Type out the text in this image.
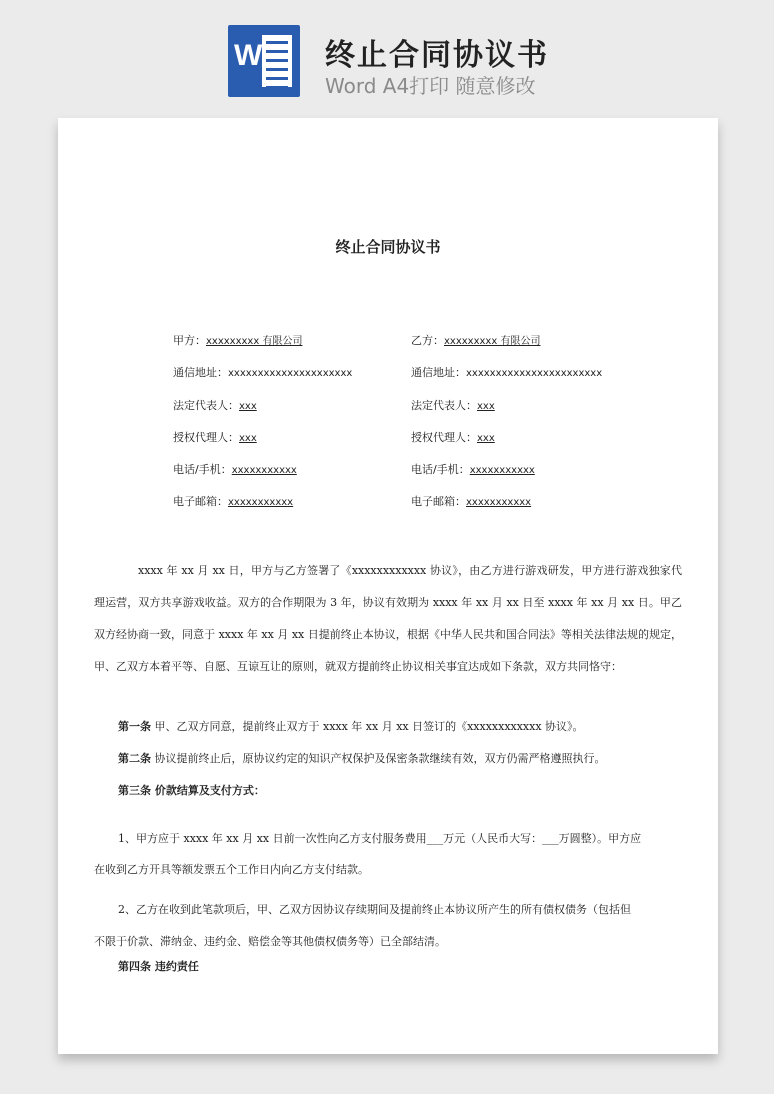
W 终止合同协议书
Word A4打印 随意修改
终止合同协议书
甲方：xxxxxxxxx 有限公司
通信地址：xxxxxxxxxxxxxxxxxxxxx
法定代表人：xxx
授权代理人：xxx
电话/手机：xxxxxxxxxxx
电子邮箱：xxxxxxxxxxx
乙方：xxxxxxxxx 有限公司
通信地址：xxxxxxxxxxxxxxxxxxxxxxx
法定代表人：xxx
授权代理人：xxx
电话/手机：xxxxxxxxxxx
电子邮箱：xxxxxxxxxxx
xxxx 年 xx 月 xx 日，甲方与乙方签署了《xxxxxxxxxxxx 协议》，由乙方进行游戏研发，甲方进行游戏独家代理运营，双方共享游戏收益。双方的合作期限为 3 年，协议有效期为 xxxx 年 xx 月 xx 日至 xxxx 年 xx 月 xx 日。甲乙双方经协商一致，同意于 xxxx 年 xx 月 xx 日提前终止本协议，根据《中华人民共和国合同法》等相关法律法规的规定，甲、乙双方本着平等、自愿、互谅互让的原则，就双方提前终止协议相关事宜达成如下条款，双方共同恪守：
第一条 甲、乙双方同意，提前终止双方于 xxxx 年 xx 月 xx 日签订的《xxxxxxxxxxxx 协议》。
第二条 协议提前终止后，原协议约定的知识产权保护及保密条款继续有效，双方仍需严格遵照执行。
第三条 价款结算及支付方式：
1、甲方应于 xxxx 年 xx 月 xx 日前一次性向乙方支付服务费用___万元（人民币大写：___万圆整）。甲方应
在收到乙方开具等额发票五个工作日内向乙方支付结款。
2、乙方在收到此笔款项后，甲、乙双方因协议存续期间及提前终止本协议所产生的所有债权债务（包括但
不限于价款、滞纳金、违约金、赔偿金等其他债权债务等）已全部结清。
第四条 违约责任
